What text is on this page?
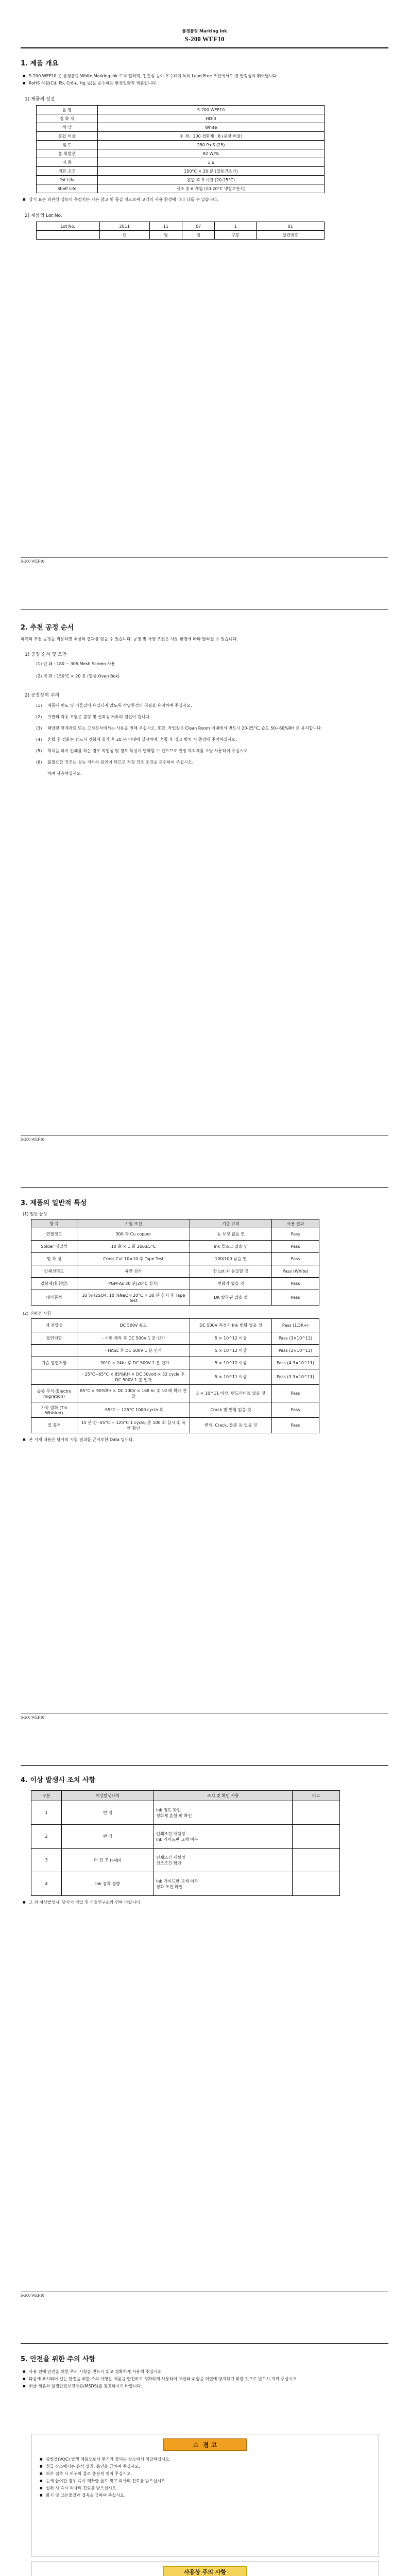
플경플형 Marking Ink
S-200 WEF10
1. 제품 개요
■ S-200 WEF10 은 플경플형 White Marking Ink 로써 밀착력, 전건성 등이 우수하며 특히 Lead-Free 조건에서도 변 안정성이 뛰어납니다.
■ RoHS 지침(Cd, Pb, Cr6+, Hg 등)을 준수하는 환경친화적 제품입니다.
1) 제품의 성질
품 명	S-200 WEF10
경 화 제	HD-3
색 상	White
혼합 비율	주 제 : 100 경화제 : 8 (중량 비율)
점 도	250 Pa·S (25)
불 휘발분	82 Wt%
비 중	1.6
경화 조건	150°C × 20 분 (열풍건조기)
Pot Life	혼합 후 3 시간 (20-25°C)
Shelf Life	제조 후 6 개월 (10-20°C 냉장보관시)
■ 상기 표는 외관상 성능의 측정치는 기본 참고 및 품질 정도로써 고객의 사용 환경에 따라 다를 수 있습니다.
2) 제품의 Lot No.
Lot No.	2011	11	07	1	01
	년	월	일	구분	일련번호
S-200 WEF10
2. 추천 공정 순서
하기의 추천 공정을 적용하면 최상의 결과를 얻을 수 있습니다. 공정 및 사양 조건은 사용 환경에 따라 달라질 수 있습니다.
1) 공정 순서 및 조건
(1) 인 쇄 : 180 ~ 305 Mesh Screen 사용
(2) 경 화 : 150°C × 20 분 (열풍 Oven Box)
2) 공정상의 주의
(1)	제품에 면도 및 이물질이 유입되지 않도록 작업환경의 청결을 유지하여 주십시오.
(2)	기판의 각종 오염은 불량 및 신뢰성 저하의 원인이 됩니다.
(3)	태양광 관계자료 또는 고정분석에서는 사용을 권해 주십시오. 또한, 작업장은 Clean Room 이내에서 반드시 20-25°C, 습도 50~60%RH 로 유지합니다.
(4)	혼합 후 경화는 반드시 경화제 첨가 후 20 분 이내에 실시하며, 혼합 후 잉크 방치 시 증점에 주의하십시오.
(5)	희석을 하여 인쇄를 하는 경우 작업성 및 경도 특성이 변화할 수 있으므로 권장 희석제를 소량 사용하여 주십시오.
(6)	불필요한 건조는 성능 저하의 원인이 되므로 적정 건조 조건을 준수하여 주십시오.
하여 사용하십시오.
S-200 WEF10
3. 제품의 일반적 특성
(1) 일반 물성
항 목	시험 조건	기준 규격	사용 결과
연필경도	300 각 Cu copper	동 보정 없음 연	Pass
Solder 내열성	10 초 × 1 회 260±5°C	Ink 들뜨고 없을 연	Pass
밀 착 성	Cross Cut 10×10 후 Tape Test	100/100 남을 연	Pass
인쇄선명도	육안 검사	잔 Lot 와 동일할 것	Pass (White)
경화제(황휘발)	PGM-As 30 분(20°C 침지)	변화가 없을 것	Pass
내약품성	10 %H2SO4, 10 %NaOH 20°C × 30 분 침지 후 Tape test	DK 탈착된 없을 것	Pass
(2) 신뢰성 시험
내 전압성	DC 500V 유도	DC 500V 측정시 Ink 변화 없을 것	Pass (1.5K+)
절연저항	- 시편 제작 후 DC 500V 1 분 인가	5 × 10^12 이상	Pass (3×10^12)
	- HASL 후 DC 500V 1 분 인가	5 × 10^12 이상	Pass (2×10^12)
가습 절연저항	- 30°C × 24hr 후 DC 500V 1 분 인가	5 × 10^12 이상	Pass (4.3×10^11)
	- 25°C~65°C × 85%RH × DC 50volt × 52 cycle 후 DC 500V 1 분 인가	5 × 10^11 이상	Pass (3.3×10^11)
습중 부식 (Electro migration)	85°C × 90%RH × DC 100V × 168 hr 후 10 배 확대 관찰	5 × 10^11 이상, 덴드라이트 없을 것	Pass
가속 열화 (Tin Whisker)	-55°C ~ 125°C 1000 cycle 후	Crack 및 변형 없을 것	Pass
열 충격	15 분 간 -55°C ~ 125°C 1 cycle, 총 100 회 실시 후 육안 확인	변색, Crack, 들뜸 등 없을 것	Pass
■ 본 기재 내용은 당사의 시험 결과를 근거로한 Data 입니다.
S-200 WEF10
4. 이상 발생시 조치 사항
구분	이상발생내역	조치 및 확인 사항	비고
1	번 짐	Ink 점도 확인
경화제 혼합 비 확인	

2	번 짐	인쇄조건 재설정
Ink 가이드판 교체 여부	

3	미 건 조 (skip)	인쇄조건 재설정
건조조건 확인	

4	Ink 점착 불량	Ink 가이드판 교체 여부
경화 조건 확인	

■ 그 외 이상발생시, 당사의 영업 및 기술연구소와 연락 바랍니다.
S-200 WEF10
5. 안전을 위한 주의 사항
■ 사용 전에 안전을 위한 주의 사항을 반드시 읽고 정확하게 사용해 주십시오.
■ 다음에 표시되어 있는 안전을 위한 주의 사항은 제품을 안전하고 정확하게 사용하여 재산과 위험을 미연에 방지하기 위한 것으로 반드시 지켜 주십시오.
■ 취급 제품의 물질안전보건자료(MSDS)를 참고하시기 바랍니다.
⚠ 경 고
■ 증발물(VOC) 발생 제품으로서 환기가 잘되는 장소에서 취급하십시오.
■ 취급 장소에서는 음식 섭취, 흡연을 금하여 주십시오.
■ 피부 접촉 시 비누와 물로 충분히 씻어 주십시오.
■ 눈에 들어간 경우 즉시 깨끗한 물로 씻고 의사의 진료를 받으십시오.
■ 섭취 시 즉시 의사의 진료를 받으십시오.
■ 화기 및 고온물질과 접촉을 금하여 주십시오.
사용상 주의 사항
